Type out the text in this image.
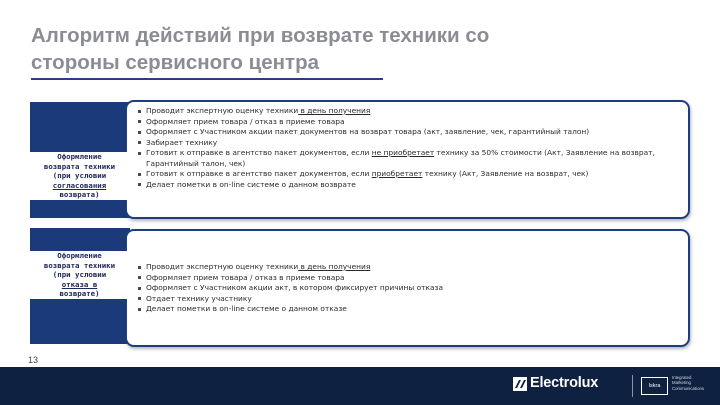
Алгоритм действий при возврате техники со
стороны сервисного центра
Оформление
возврата техники
(при условии
согласования
возврата)
Проводит экспертную оценку техники в день получения
Оформляет прием товара / отказ в приеме товара
Оформляет с Участником акции пакет документов на возврат товара (акт, заявление, чек, гарантийный талон)
Забирает технику
Готовит к отправке в агентство пакет документов, если не приобретает технику за 50% стоимости (Акт, Заявление на возврат, Гарантийный талон, чек)
Готовит к отправке в агентство пакет документов, если приобретает технику (Акт, Заявление на возврат, чек)
Делает пометки в on-line системе о данном возврате
Оформление
возврата техники
(при условии
отказа в
возврате)
Проводит экспертную оценку техники в день получения
Оформляет прием товара / отказ в приеме товара
Оформляет с Участником акции акт, в котором фиксирует причины отказа
Отдает технику участнику
Делает пометки в on-line системе о данном отказе
13
Electrolux	Iskra
Integrated
Marketing
Communications
